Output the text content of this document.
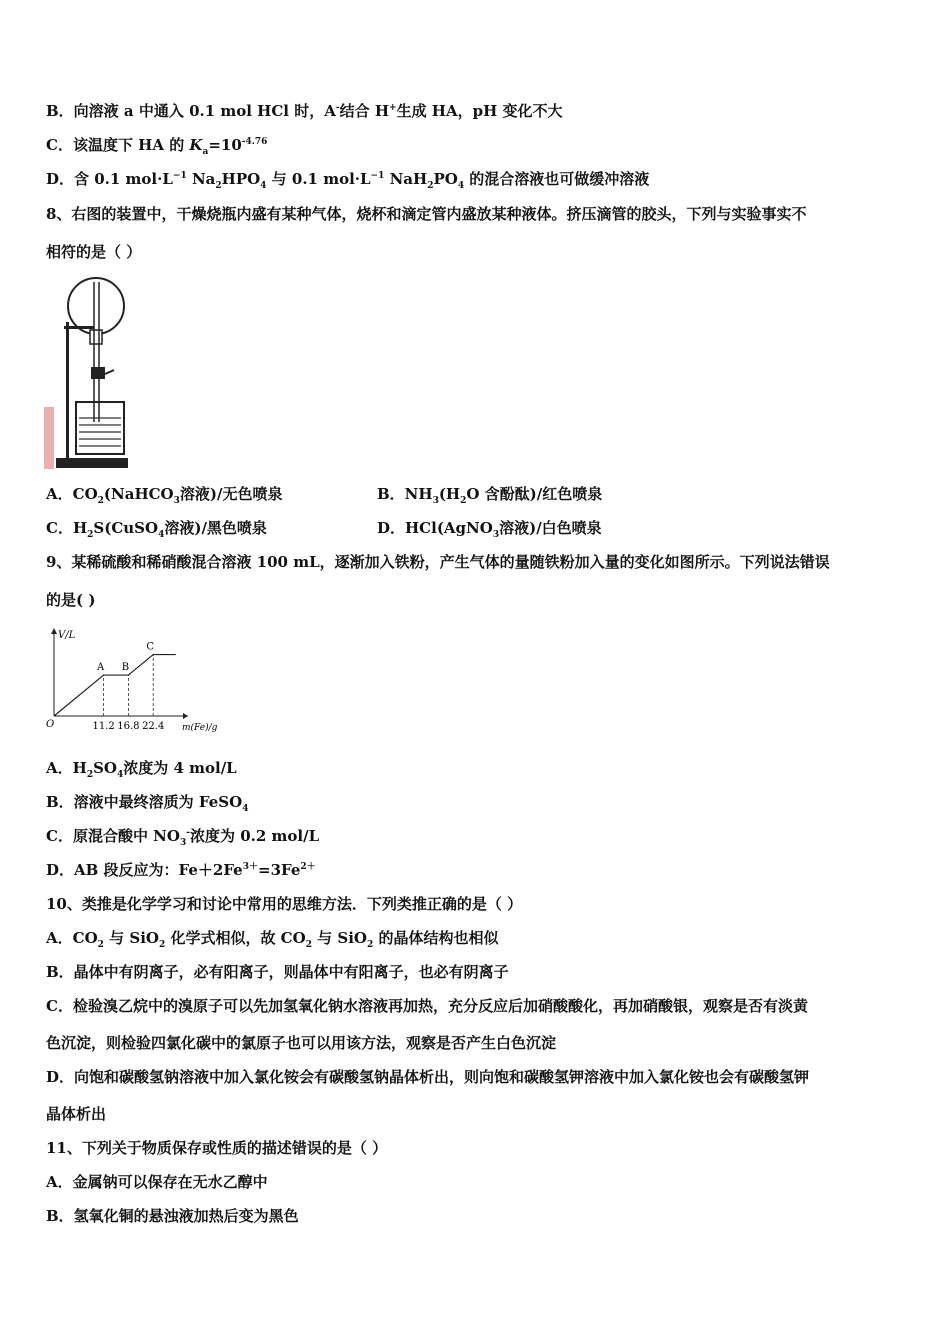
B．向溶液 a 中通入 0.1 mol HCl 时，A-结合 H+生成 HA，pH 变化不大
C．该温度下 HA 的 $K_a=10^{-4.76}$
D．含 0.1 $mol\cdot L^{-1}$ $Na_2HPO_4$ 与 0.1 $mol\cdot L^{-1}$ $NaH_2PO_4$ 的混合溶液也可做缓冲溶液
8、右图的装置中，干燥烧瓶内盛有某种气体，烧杯和滴定管内盛放某种液体。挤压滴管的胶头，下列与实验事实不
相符的是（ ）
A．$CO_2(NaHCO_3$溶液)/无色喷泉	B．$NH_3(H_2O$ 含酚酞)/红色喷泉
C．$H_2S(CuSO_4$溶液)/黑色喷泉	D．HCl(AgNO$_3$溶液)/白色喷泉
9、某稀硫酸和稀硝酸混合溶液 100 mL，逐渐加入铁粉，产生气体的量随铁粉加入量的变化如图所示。下列说法错误
的是( )
11.2 16.8 22.4
A B
C
V/L
m(Fe)/g
O
A．$H_2SO_4$浓度为 4 mol/L
B．溶液中最终溶质为 FeSO$_4$
C．原混合酸中 $NO_3^-$浓度为 0.2 mol/L
D．AB 段反应为：$Fe+2Fe^{3+}=3Fe^{2+}$
10、类推是化学学习和讨论中常用的思维方法．下列类推正确的是（ ）
A．$CO_2$ 与 SiO$_2$ 化学式相似，故 $CO_2$ 与 SiO$_2$ 的晶体结构也相似
B．晶体中有阴离子，必有阳离子，则晶体中有阳离子，也必有阴离子
C．检验溴乙烷中的溴原子可以先加氢氧化钠水溶液再加热，充分反应后加硝酸酸化，再加硝酸银，观察是否有淡黄
色沉淀，则检验四氯化碳中的氯原子也可以用该方法，观察是否产生白色沉淀
D．向饱和碳酸氢钠溶液中加入氯化铵会有碳酸氢钠晶体析出，则向饱和碳酸氢钾溶液中加入氯化铵也会有碳酸氢钾
晶体析出
11、下列关于物质保存或性质的描述错误的是（ ）
A．金属钠可以保存在无水乙醇中
B．氢氧化铜的悬浊液加热后变为黑色
